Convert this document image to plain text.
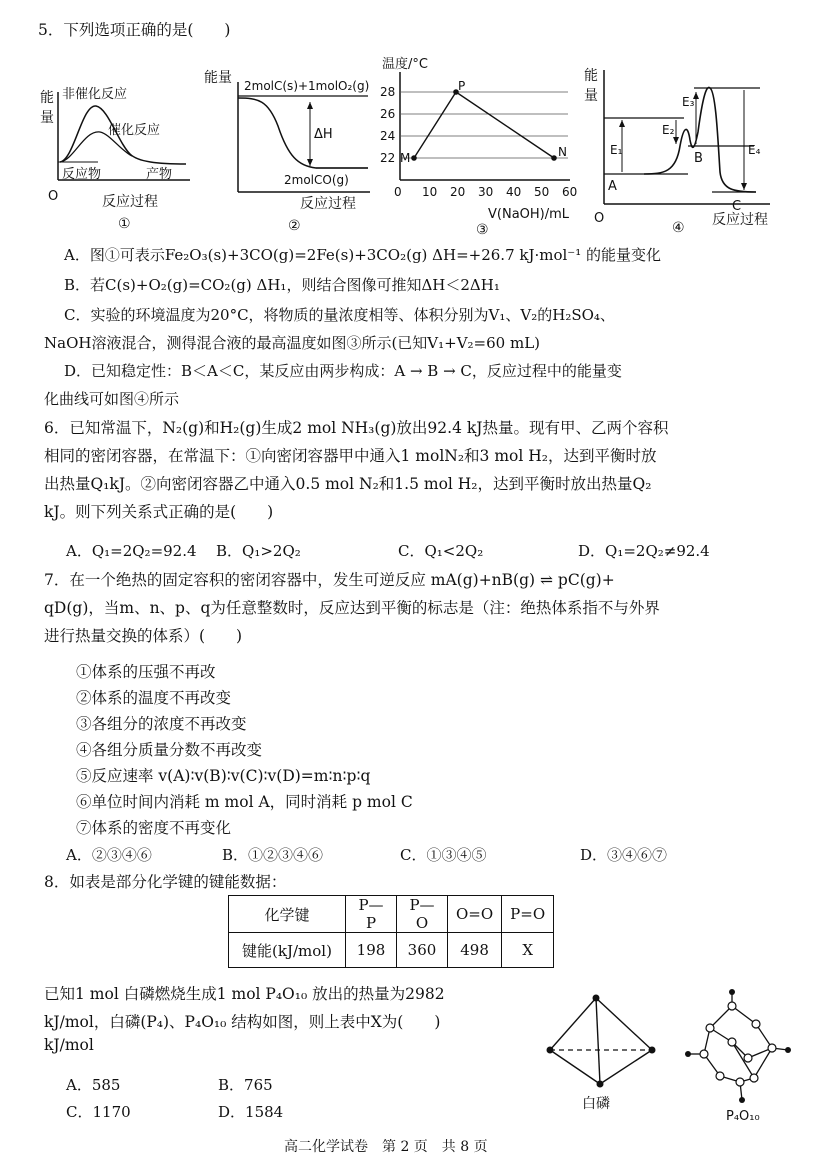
5．下列选项正确的是(　　)
能
量
非催化反应
催化反应
反应物	产物
O	反应过程
①
能量 2molC(s)+1molO₂(g)
ΔH
2molCO(g)
反应过程
②
温度/°C
28
26
24
22
0 10 20 30 40 50 60
M
P
N
V(NaOH)/mL
③
能
量
E₁
E₂
E₃
E₄
A
B
C
O	反应过程
④
A．图①可表示Fe₂O₃(s)+3CO(g)=2Fe(s)+3CO₂(g) ΔH=+26.7 kJ·mol⁻¹ 的能量变化
B．若C(s)+O₂(g)=CO₂(g) ΔH₁，则结合图像可推知ΔH＜2ΔH₁
C．实验的环境温度为20°C，将物质的量浓度相等、体积分别为V₁、V₂的H₂SO₄、
NaOH溶液混合，测得混合液的最高温度如图③所示(已知V₁+V₂=60 mL)
D．已知稳定性：B＜A＜C，某反应由两步构成：A → B → C，反应过程中的能量变
化曲线可如图④所示
6．已知常温下，N₂(g)和H₂(g)生成2 mol NH₃(g)放出92.4 kJ热量。现有甲、乙两个容积
相同的密闭容器，在常温下：①向密闭容器甲中通入1 molN₂和3 mol H₂，达到平衡时放
出热量Q₁kJ。②向密闭容器乙中通入0.5 mol N₂和1.5 mol H₂，达到平衡时放出热量Q₂
kJ。则下列关系式正确的是(　　)
A．Q₁=2Q₂=92.4 B．Q₁>2Q₂	C．Q₁<2Q₂	D．Q₁=2Q₂≠92.4
7．在一个绝热的固定容积的密闭容器中，发生可逆反应 mA(g)+nB(g) ⇌ pC(g)+
qD(g)，当m、n、p、q为任意整数时，反应达到平衡的标志是（注：绝热体系指不与外界
进行热量交换的体系）(　　)
①体系的压强不再改
②体系的温度不再改变
③各组分的浓度不再改变
④各组分质量分数不再改变
⑤反应速率 v(A)∶v(B)∶v(C)∶v(D)=m∶n∶p∶q
⑥单位时间内消耗 m mol A，同时消耗 p mol C
⑦体系的密度不再变化
A．②③④⑥	B．①②③④⑥	C．①③④⑤	D．③④⑥⑦
8．如表是部分化学键的键能数据：
化学键	P—P	P—O	O=O	P=O
键能(kJ/mol)	198	360	498	X
已知1 mol 白磷燃烧生成1 mol P₄O₁₀ 放出的热量为2982
kJ/mol，白磷(P₄)、P₄O₁₀ 结构如图，则上表中X为(　　)
kJ/mol
白磷
P₄O₁₀
A．585	B．765
C．1170	D．1584
高二化学试卷　第 2 页　共 8 页
